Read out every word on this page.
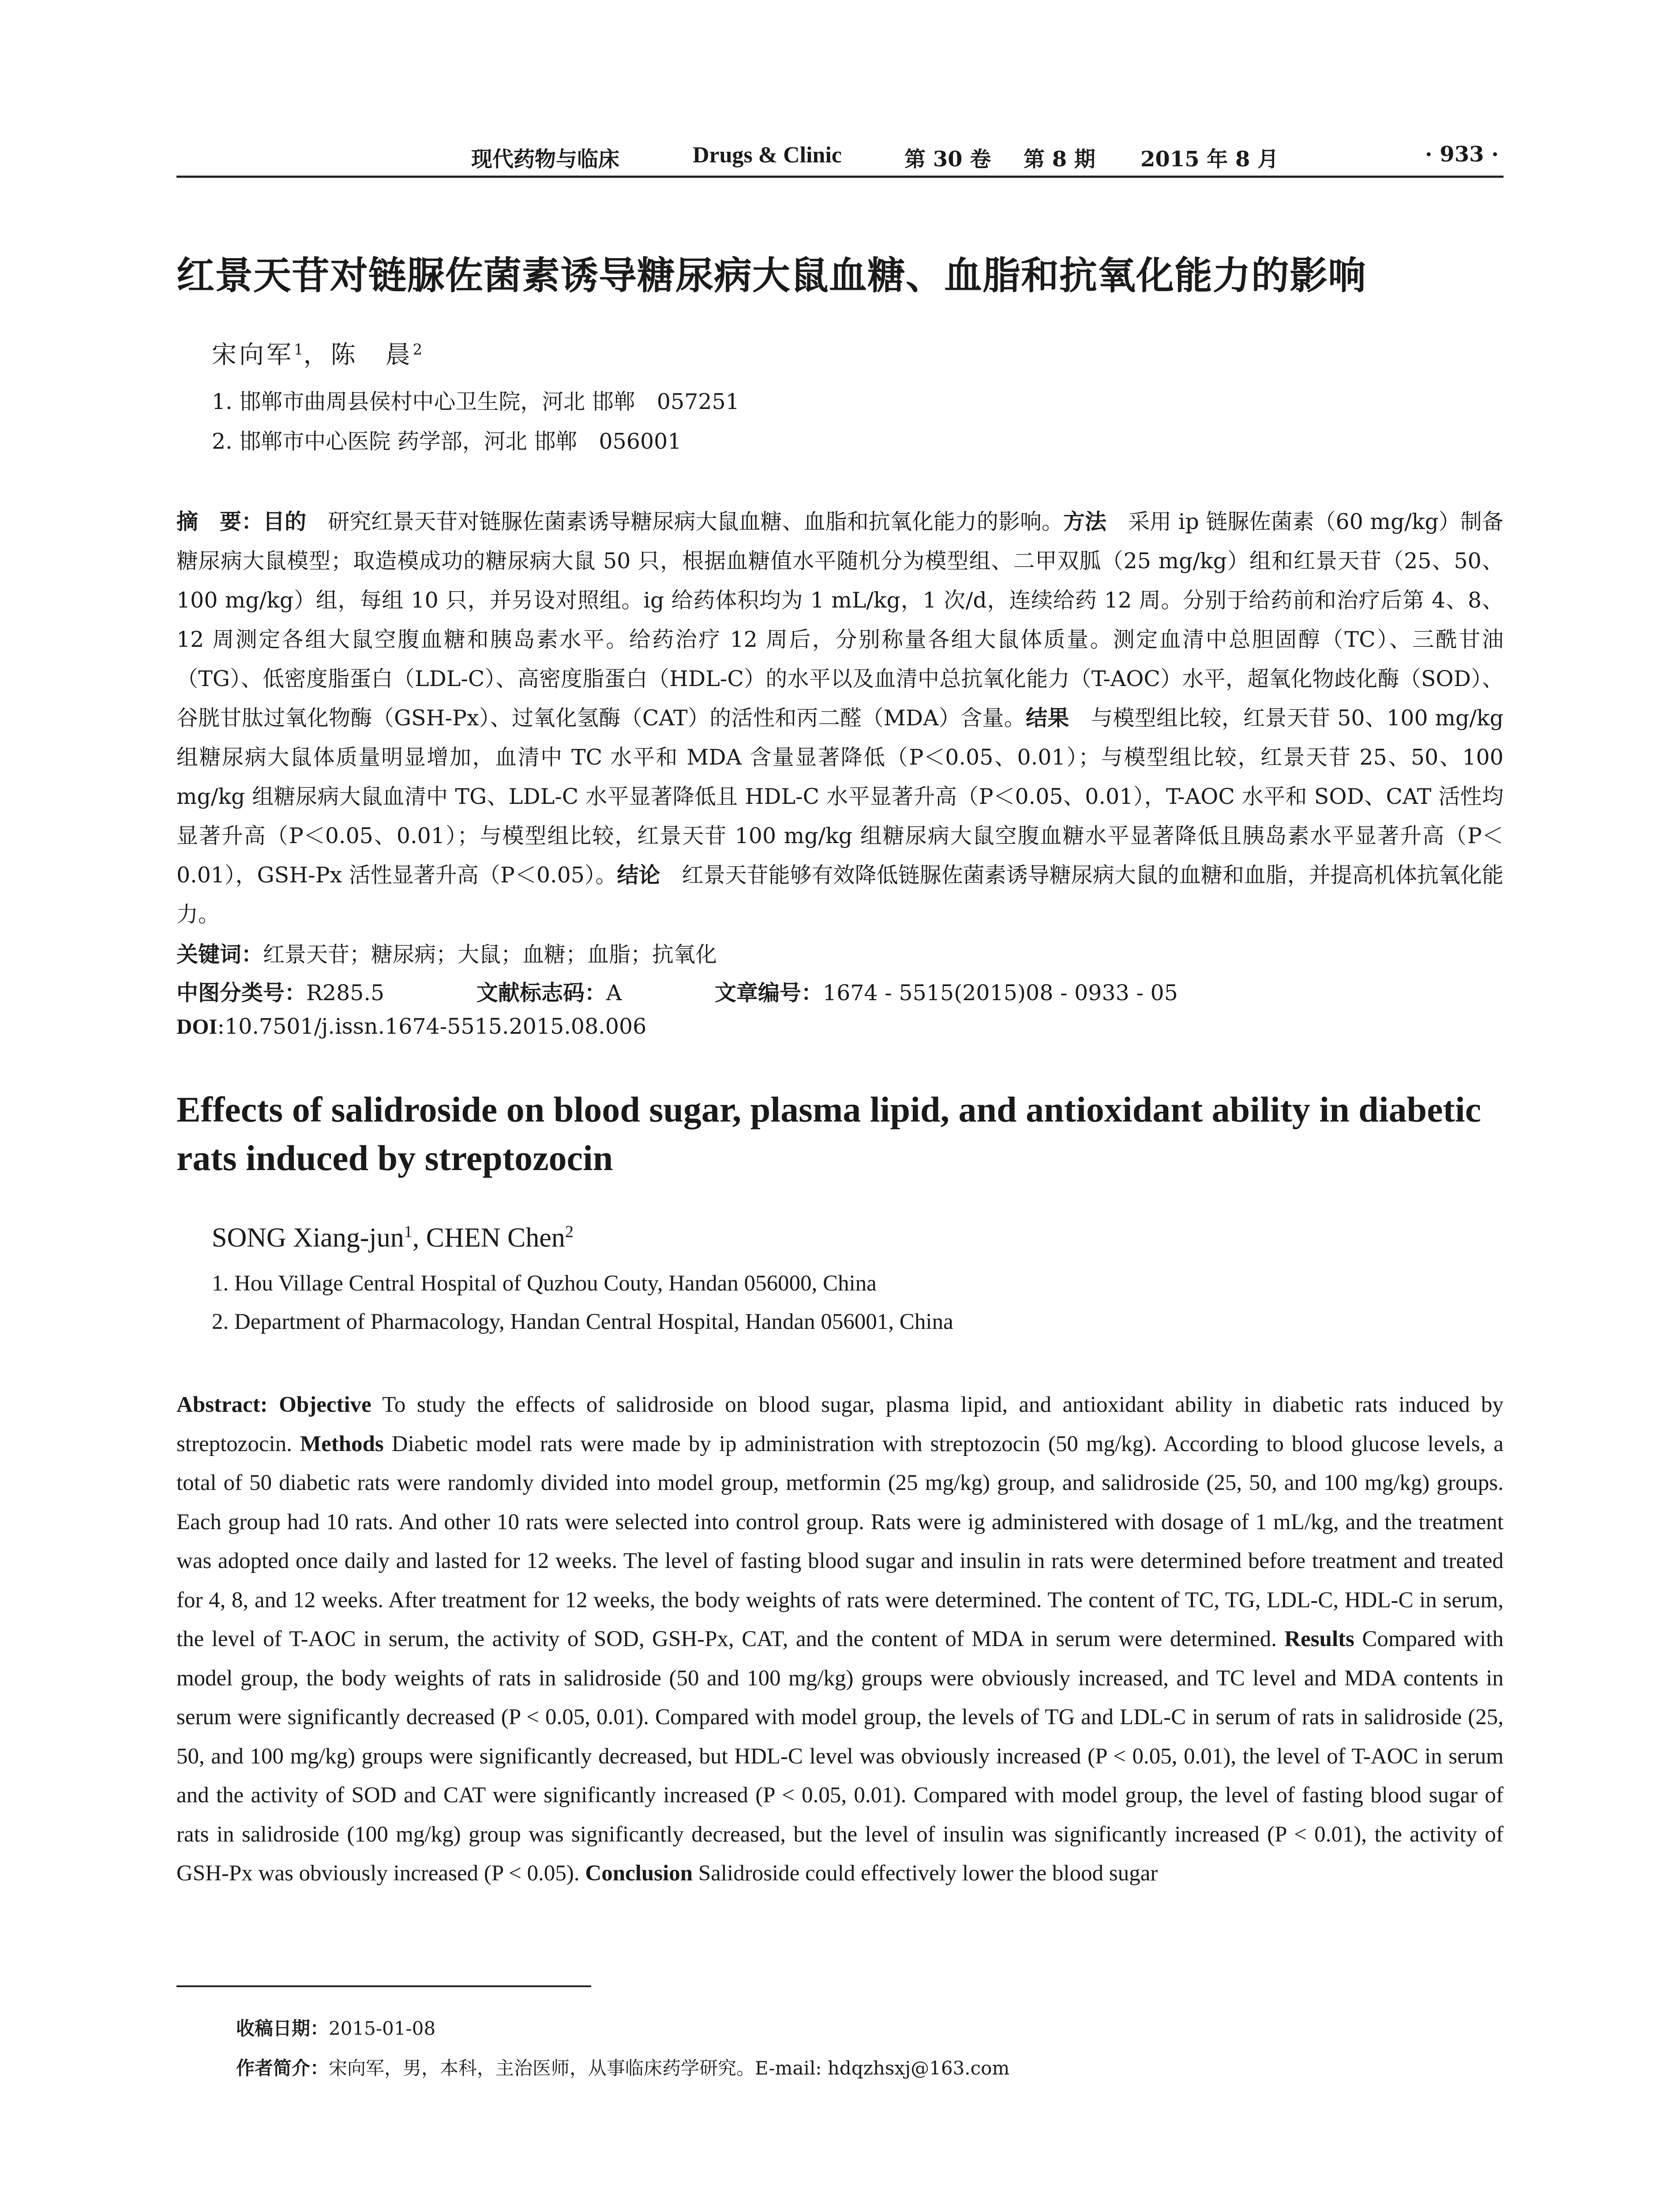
现代药物与临床	Drugs & Clinic	第 30 卷 第 8 期 2015 年 8 月	· 933 ·
红景天苷对链脲佐菌素诱导糖尿病大鼠血糖、血脂和抗氧化能力的影响
宋向军$^1$，陈　晨$^2$
1. 邯郸市曲周县侯村中心卫生院，河北 邯郸　057251
2. 邯郸市中心医院 药学部，河北 邯郸　056001
摘　要：目的　研究红景天苷对链脲佐菌素诱导糖尿病大鼠血糖、血脂和抗氧化能力的影响。方法　采用 ip 链脲佐菌素（60 mg/kg）制备糖尿病大鼠模型；取造模成功的糖尿病大鼠 50 只，根据血糖值水平随机分为模型组、二甲双胍（25 mg/kg）组和红景天苷（25、50、100 mg/kg）组，每组 10 只，并另设对照组。ig 给药体积均为 1 mL/kg，1 次/d，连续给药 12 周。分别于给药前和治疗后第 4、8、12 周测定各组大鼠空腹血糖和胰岛素水平。给药治疗 12 周后，分别称量各组大鼠体质量。测定血清中总胆固醇（TC）、三酰甘油（TG）、低密度脂蛋白（LDL-C）、高密度脂蛋白（HDL-C）的水平以及血清中总抗氧化能力（T-AOC）水平，超氧化物歧化酶（SOD）、谷胱甘肽过氧化物酶（GSH-Px）、过氧化氢酶（CAT）的活性和丙二醛（MDA）含量。结果　与模型组比较，红景天苷 50、100 mg/kg 组糖尿病大鼠体质量明显增加，血清中 TC 水平和 MDA 含量显著降低（P＜0.05、0.01）；与模型组比较，红景天苷 25、50、100 mg/kg 组糖尿病大鼠血清中 TG、LDL-C 水平显著降低且 HDL-C 水平显著升高（P＜0.05、0.01），T-AOC 水平和 SOD、CAT 活性均显著升高（P＜0.05、0.01）；与模型组比较，红景天苷 100 mg/kg 组糖尿病大鼠空腹血糖水平显著降低且胰岛素水平显著升高（P＜0.01），GSH-Px 活性显著升高（P＜0.05）。结论　红景天苷能够有效降低链脲佐菌素诱导糖尿病大鼠的血糖和血脂，并提高机体抗氧化能力。
关键词：红景天苷；糖尿病；大鼠；血糖；血脂；抗氧化
中图分类号：R285.5	文献标志码：A	文章编号：1674 - 5515(2015)08 - 0933 - 05
DOI:10.7501/j.issn.1674-5515.2015.08.006
Effects of salidroside on blood sugar, plasma lipid, and antioxidant ability in diabetic rats induced by streptozocin
SONG Xiang-jun$^1$, CHEN Chen$^2$
1. Hou Village Central Hospital of Quzhou Couty, Handan 056000, China
2. Department of Pharmacology, Handan Central Hospital, Handan 056001, China
Abstract: Objective To study the effects of salidroside on blood sugar, plasma lipid, and antioxidant ability in diabetic rats induced by streptozocin. Methods Diabetic model rats were made by ip administration with streptozocin (50 mg/kg). According to blood glucose levels, a total of 50 diabetic rats were randomly divided into model group, metformin (25 mg/kg) group, and salidroside (25, 50, and 100 mg/kg) groups. Each group had 10 rats. And other 10 rats were selected into control group. Rats were ig administered with dosage of 1 mL/kg, and the treatment was adopted once daily and lasted for 12 weeks. The level of fasting blood sugar and insulin in rats were determined before treatment and treated for 4, 8, and 12 weeks. After treatment for 12 weeks, the body weights of rats were determined. The content of TC, TG, LDL-C, HDL-C in serum, the level of T-AOC in serum, the activity of SOD, GSH-Px, CAT, and the content of MDA in serum were determined. Results Compared with model group, the body weights of rats in salidroside (50 and 100 mg/kg) groups were obviously increased, and TC level and MDA contents in serum were significantly decreased (P < 0.05, 0.01). Compared with model group, the levels of TG and LDL-C in serum of rats in salidroside (25, 50, and 100 mg/kg) groups were significantly decreased, but HDL-C level was obviously increased (P < 0.05, 0.01), the level of T-AOC in serum and the activity of SOD and CAT were significantly increased (P < 0.05, 0.01). Compared with model group, the level of fasting blood sugar of rats in salidroside (100 mg/kg) group was significantly decreased, but the level of insulin was significantly increased (P < 0.01), the activity of GSH-Px was obviously increased (P < 0.05). Conclusion Salidroside could effectively lower the blood sugar
收稿日期：2015-01-08
作者简介：宋向军，男，本科，主治医师，从事临床药学研究。E-mail: hdqzhsxj@163.com
